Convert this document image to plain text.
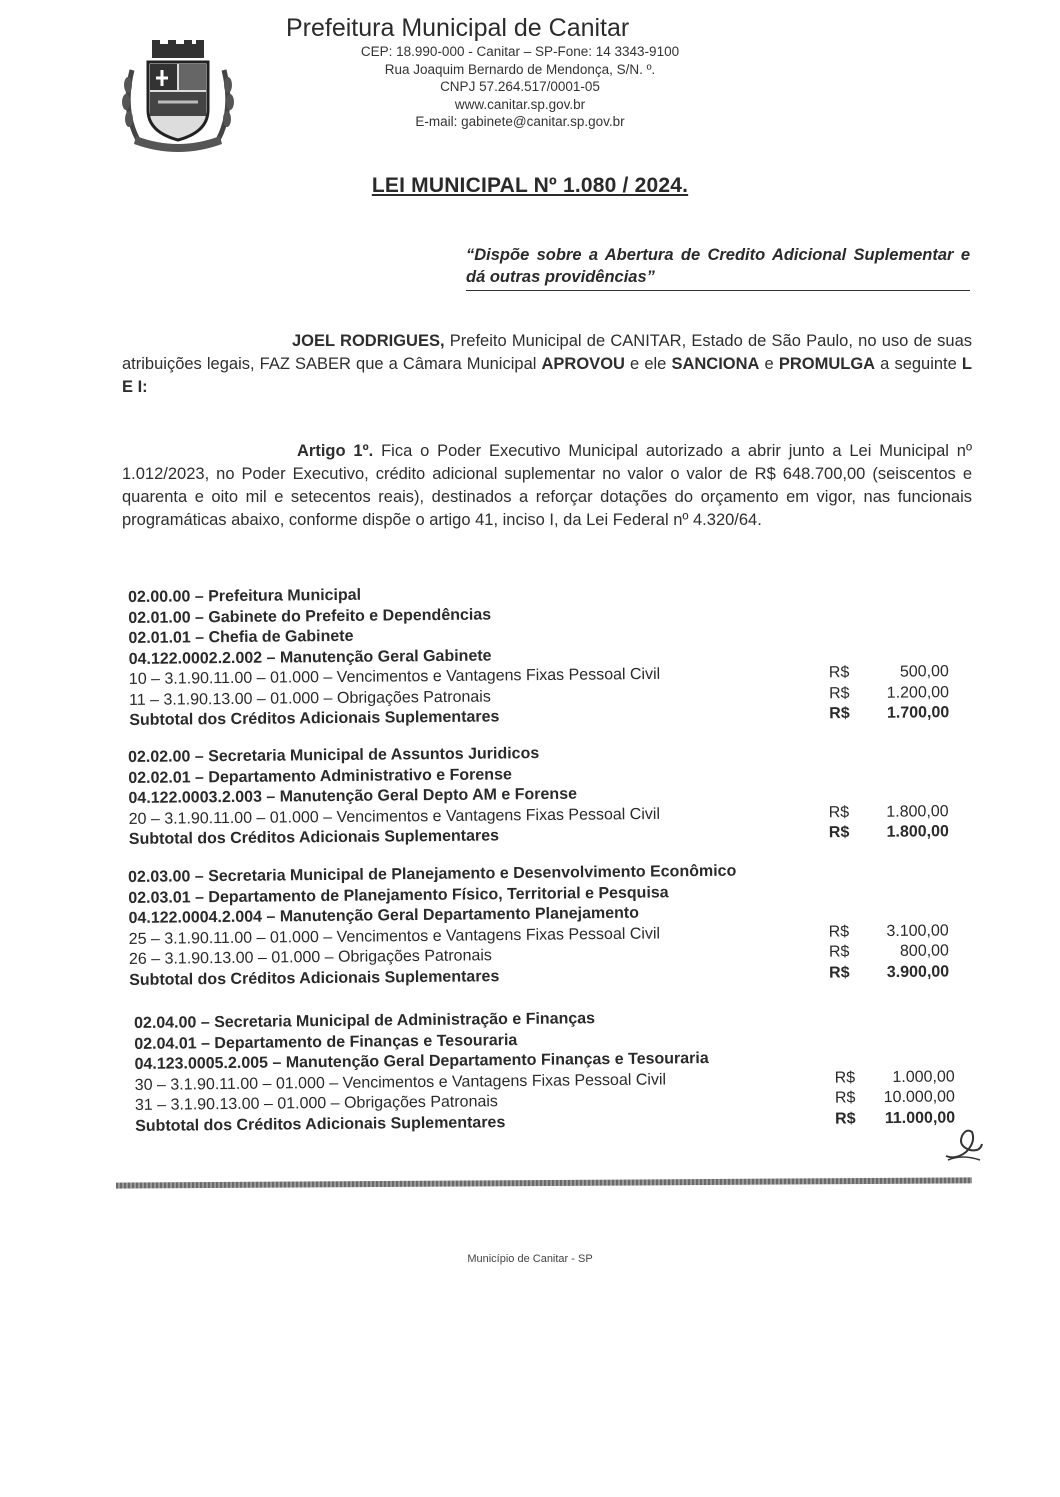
Prefeitura Municipal de Canitar
CEP: 18.990-000 - Canitar – SP-Fone: 14 3343-9100
Rua Joaquim Bernardo de Mendonça, S/N. º.
CNPJ 57.264.517/0001-05
www.canitar.sp.gov.br
E-mail: gabinete@canitar.sp.gov.br
LEI MUNICIPAL Nº 1.080 / 2024.
“Dispõe sobre a Abertura de Credito Adicional Suplementar e dá outras providências”
JOEL RODRIGUES, Prefeito Municipal de CANITAR, Estado de São Paulo, no uso de suas atribuições legais, FAZ SABER que a Câmara Municipal APROVOU e ele SANCIONA e PROMULGA a seguinte L E I:
Artigo 1º. Fica o Poder Executivo Municipal autorizado a abrir junto a Lei Municipal nº 1.012/2023, no Poder Executivo, crédito adicional suplementar no valor o valor de R$ 648.700,00 (seiscentos e quarenta e oito mil e setecentos reais), destinados a reforçar dotações do orçamento em vigor, nas funcionais programáticas abaixo, conforme dispõe o artigo 41, inciso I, da Lei Federal nº 4.320/64.
02.00.00 – Prefeitura Municipal
02.01.00 – Gabinete do Prefeito e Dependências
02.01.01 – Chefia de Gabinete
04.122.0002.2.002 – Manutenção Geral Gabinete
10 – 3.1.90.11.00 – 01.000 – Vencimentos e Vantagens Fixas Pessoal Civil	R$	500,00
11 – 3.1.90.13.00 – 01.000 – Obrigações Patronais	R$ 1.200,00
Subtotal dos Créditos Adicionais Suplementares	R$ 1.700,00
02.02.00 – Secretaria Municipal de Assuntos Juridicos
02.02.01 – Departamento Administrativo e Forense
04.122.0003.2.003 – Manutenção Geral Depto AM e Forense
20 – 3.1.90.11.00 – 01.000 – Vencimentos e Vantagens Fixas Pessoal Civil	R$ 1.800,00
Subtotal dos Créditos Adicionais Suplementares	R$ 1.800,00
02.03.00 – Secretaria Municipal de Planejamento e Desenvolvimento Econômico
02.03.01 – Departamento de Planejamento Físico, Territorial e Pesquisa
04.122.0004.2.004 – Manutenção Geral Departamento Planejamento
25 – 3.1.90.11.00 – 01.000 – Vencimentos e Vantagens Fixas Pessoal Civil	R$ 3.100,00
26 – 3.1.90.13.00 – 01.000 – Obrigações Patronais	R$	800,00
Subtotal dos Créditos Adicionais Suplementares	R$ 3.900,00
02.04.00 – Secretaria Municipal de Administração e Finanças
02.04.01 – Departamento de Finanças e Tesouraria
04.123.0005.2.005 – Manutenção Geral Departamento Finanças e Tesouraria
30 – 3.1.90.11.00 – 01.000 – Vencimentos e Vantagens Fixas Pessoal Civil	R$ 1.000,00
31 – 3.1.90.13.00 – 01.000 – Obrigações Patronais	R$ 10.000,00
Subtotal dos Créditos Adicionais Suplementares	R$ 11.000,00
Município de Canitar - SP
